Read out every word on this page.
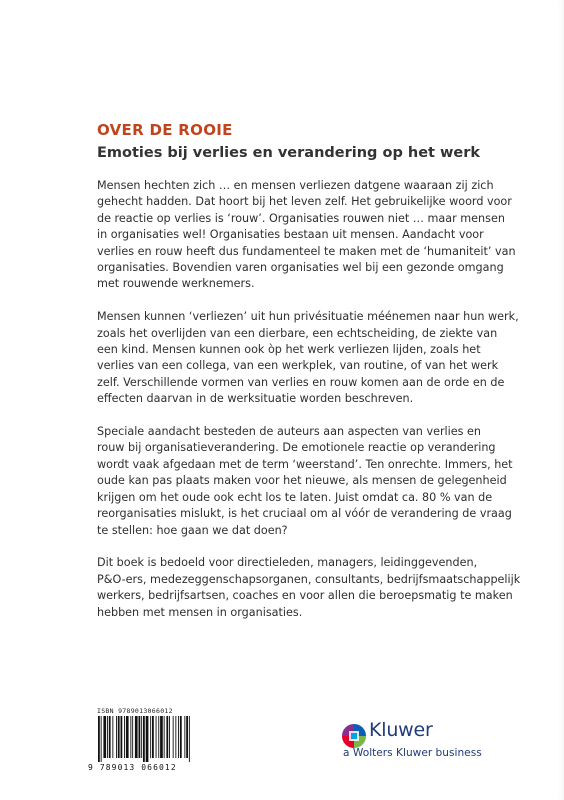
OVER DE ROOIE
Emoties bij verlies en verandering op het werk

Mensen hechten zich … en mensen verliezen datgene waaraan zij zich
gehecht hadden. Dat hoort bij het leven zelf. Het gebruikelijke woord voor
de reactie op verlies is ‘rouw’. Organisaties rouwen niet … maar mensen
in organisaties wel! Organisaties bestaan uit mensen. Aandacht voor
verlies en rouw heeft dus fundamenteel te maken met de ‘humaniteit’ van
organisaties. Bovendien varen organisaties wel bij een gezonde omgang
met rouwende werknemers.

Mensen kunnen ‘verliezen’ uit hun privésituatie méénemen naar hun werk,
zoals het overlijden van een dierbare, een echtscheiding, de ziekte van
een kind. Mensen kunnen ook òp het werk verliezen lijden, zoals het
verlies van een collega, van een werkplek, van routine, of van het werk
zelf. Verschillende vormen van verlies en rouw komen aan de orde en de
effecten daarvan in de werksituatie worden beschreven.

Speciale aandacht besteden de auteurs aan aspecten van verlies en
rouw bij organisatieverandering. De emotionele reactie op verandering
wordt vaak afgedaan met de term ‘weerstand’. Ten onrechte. Immers, het
oude kan pas plaats maken voor het nieuwe, als mensen de gelegenheid
krijgen om het oude ook echt los te laten. Juist omdat ca. 80 % van de
reorganisaties mislukt, is het cruciaal om al vóór de verandering de vraag
te stellen: hoe gaan we dat doen?

Dit boek is bedoeld voor directieleden, managers, leidinggevenden,
P&O-ers, medezeggenschapsorganen, consultants, bedrijfsmaatschappelijk
werkers, bedrijfsartsen, coaches en voor allen die beroepsmatig te maken
hebben met mensen in organisaties.

ISBN 9789013066012
9 789013 066012
Kluwer
a Wolters Kluwer business
